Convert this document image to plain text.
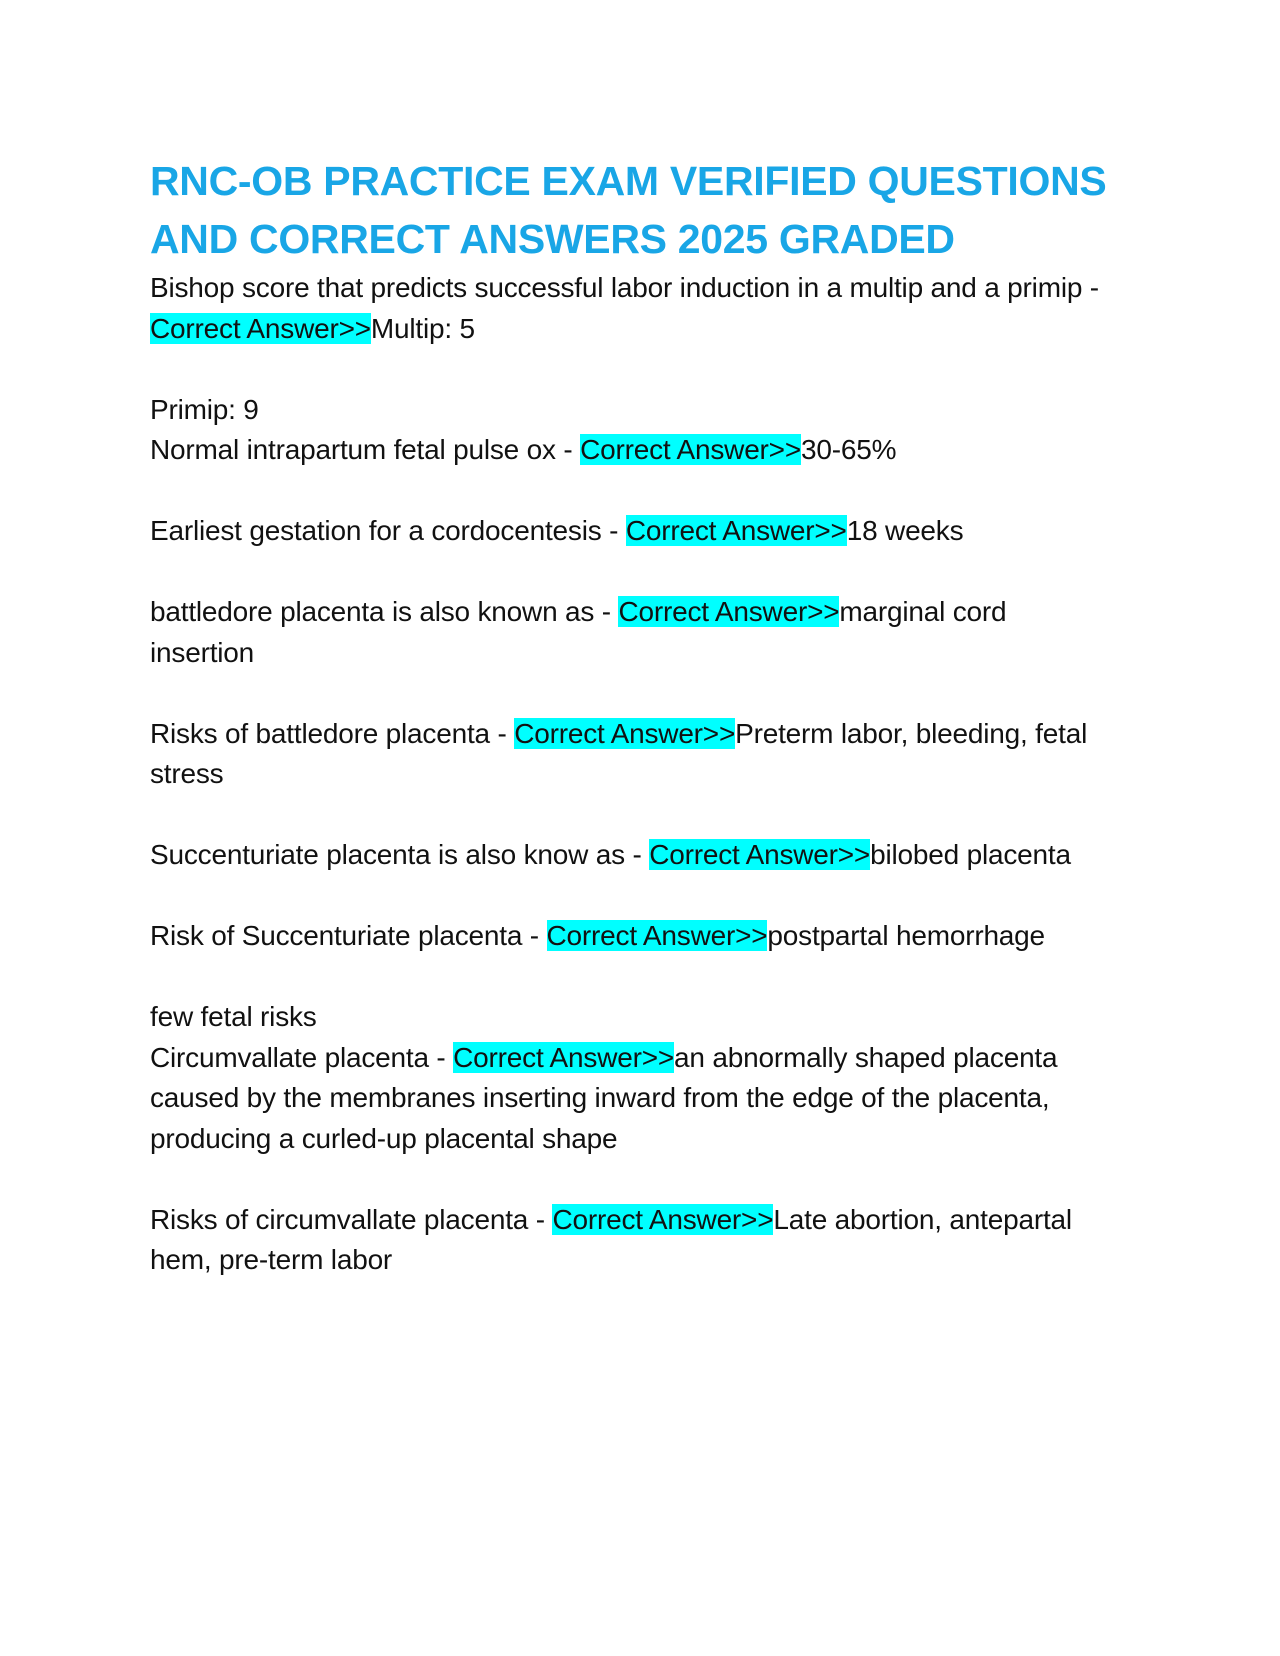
RNC-OB PRACTICE EXAM VERIFIED QUESTIONS AND CORRECT ANSWERS 2025 GRADED

Bishop score that predicts successful labor induction in a multip and a primip - Correct Answer>>Multip: 5

Primip: 9

Normal intrapartum fetal pulse ox - Correct Answer>>30-65%

Earliest gestation for a cordocentesis - Correct Answer>>18 weeks

battledore placenta is also known as - Correct Answer>>marginal cord insertion

Risks of battledore placenta - Correct Answer>>Preterm labor, bleeding, fetal stress

Succenturiate placenta is also know as - Correct Answer>>bilobed placenta

Risk of Succenturiate placenta - Correct Answer>>postpartal hemorrhage

few fetal risks

Circumvallate placenta - Correct Answer>>an abnormally shaped placenta caused by the membranes inserting inward from the edge of the placenta, producing a curled-up placental shape

Risks of circumvallate placenta - Correct Answer>>Late abortion, antepartal hem, pre-term labor
